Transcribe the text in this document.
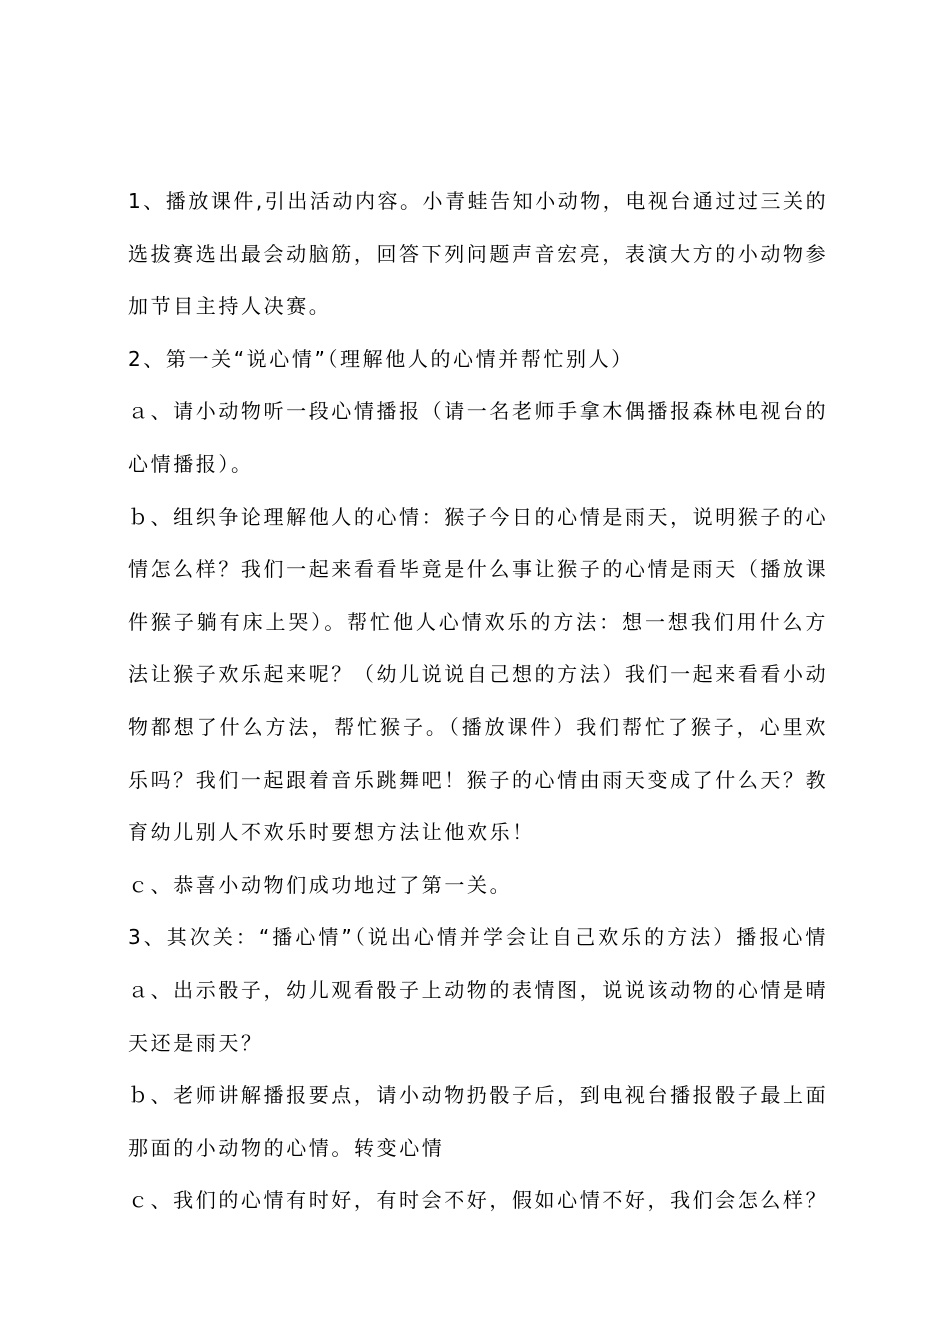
1、播放课件,引出活动内容。小青蛙告知小动物，电视台通过过三关的
选拔赛选出最会动脑筋，回答下列问题声音宏亮，表演大方的小动物参
加节目主持人决赛。
2、第一关“说心情”（理解他人的心情并帮忙别人）
ａ、请小动物听一段心情播报（请一名老师手拿木偶播报森林电视台的
心情播报）。
ｂ、组织争论理解他人的心情：猴子今日的心情是雨天，说明猴子的心
情怎么样？我们一起来看看毕竟是什么事让猴子的心情是雨天（播放课
件猴子躺有床上哭）。帮忙他人心情欢乐的方法：想一想我们用什么方
法让猴子欢乐起来呢？（幼儿说说自己想的方法）我们一起来看看小动
物都想了什么方法，帮忙猴子。（播放课件）我们帮忙了猴子，心里欢
乐吗？我们一起跟着音乐跳舞吧！猴子的心情由雨天变成了什么天？教
育幼儿别人不欢乐时要想方法让他欢乐！
ｃ、恭喜小动物们成功地过了第一关。
3、其次关：“播心情”（说出心情并学会让自己欢乐的方法）播报心情
ａ、出示骰子，幼儿观看骰子上动物的表情图，说说该动物的心情是晴
天还是雨天？
ｂ、老师讲解播报要点，请小动物扔骰子后，到电视台播报骰子最上面
那面的小动物的心情。转变心情
ｃ、我们的心情有时好，有时会不好，假如心情不好，我们会怎么样？
